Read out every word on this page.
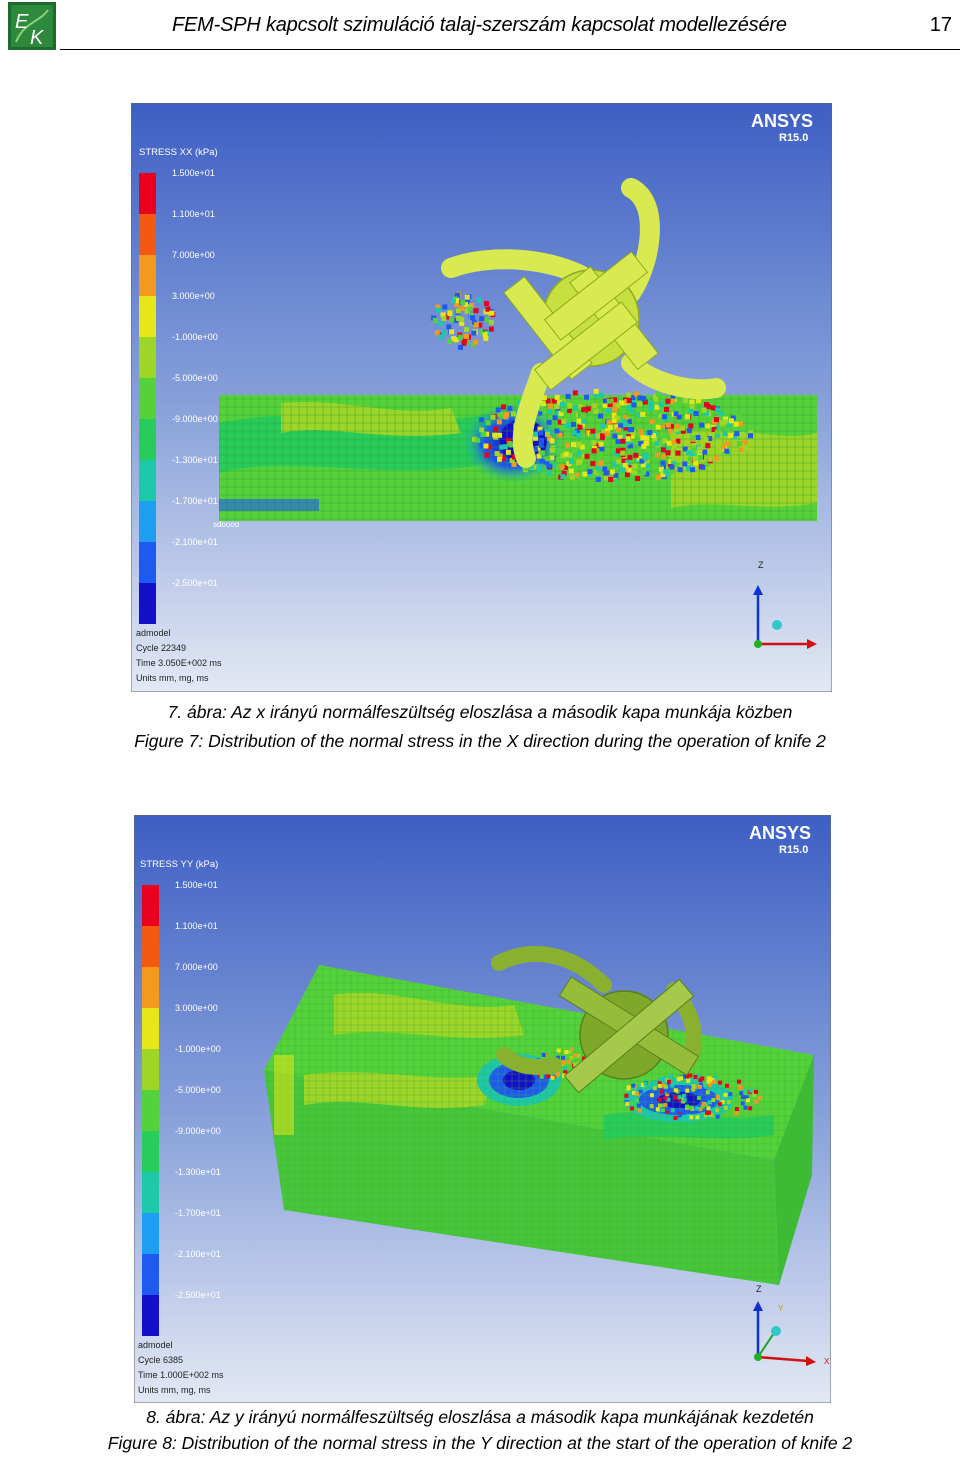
E
K
FEM-SPH kapcsolt szimuláció talaj-szerszám kapcsolat modellezésére	17
ANSYS
R15.0
STRESS XX (kPa)
1.500e+01
1.100e+01
7.000e+00
3.000e+00
-1.000e+00
-5.000e+00
-9.000e+00
-1.300e+01
-1.700e+01
-2.100e+01
-2.500e+01
sdoooo
admodel
Cycle 22349
Time 3.050E+002 ms
Units mm, mg, ms
Z
7. ábra: Az x irányú normálfeszültség eloszlása a második kapa munkája közben
Figure 7: Distribution of the normal stress in the X direction during the operation of knife 2
ANSYS
R15.0
STRESS YY (kPa)
1.500e+01
1.100e+01
7.000e+00
3.000e+00
-1.000e+00
-5.000e+00
-9.000e+00
-1.300e+01
-1.700e+01
-2.100e+01
-2.500e+01
admodel
Cycle 6385
Time 1.000E+002 ms
Units mm, mg, ms
Z
Y
X
8. ábra: Az y irányú normálfeszültség eloszlása a második kapa munkájának kezdetén
Figure 8: Distribution of the normal stress in the Y direction at the start of the operation of knife 2
